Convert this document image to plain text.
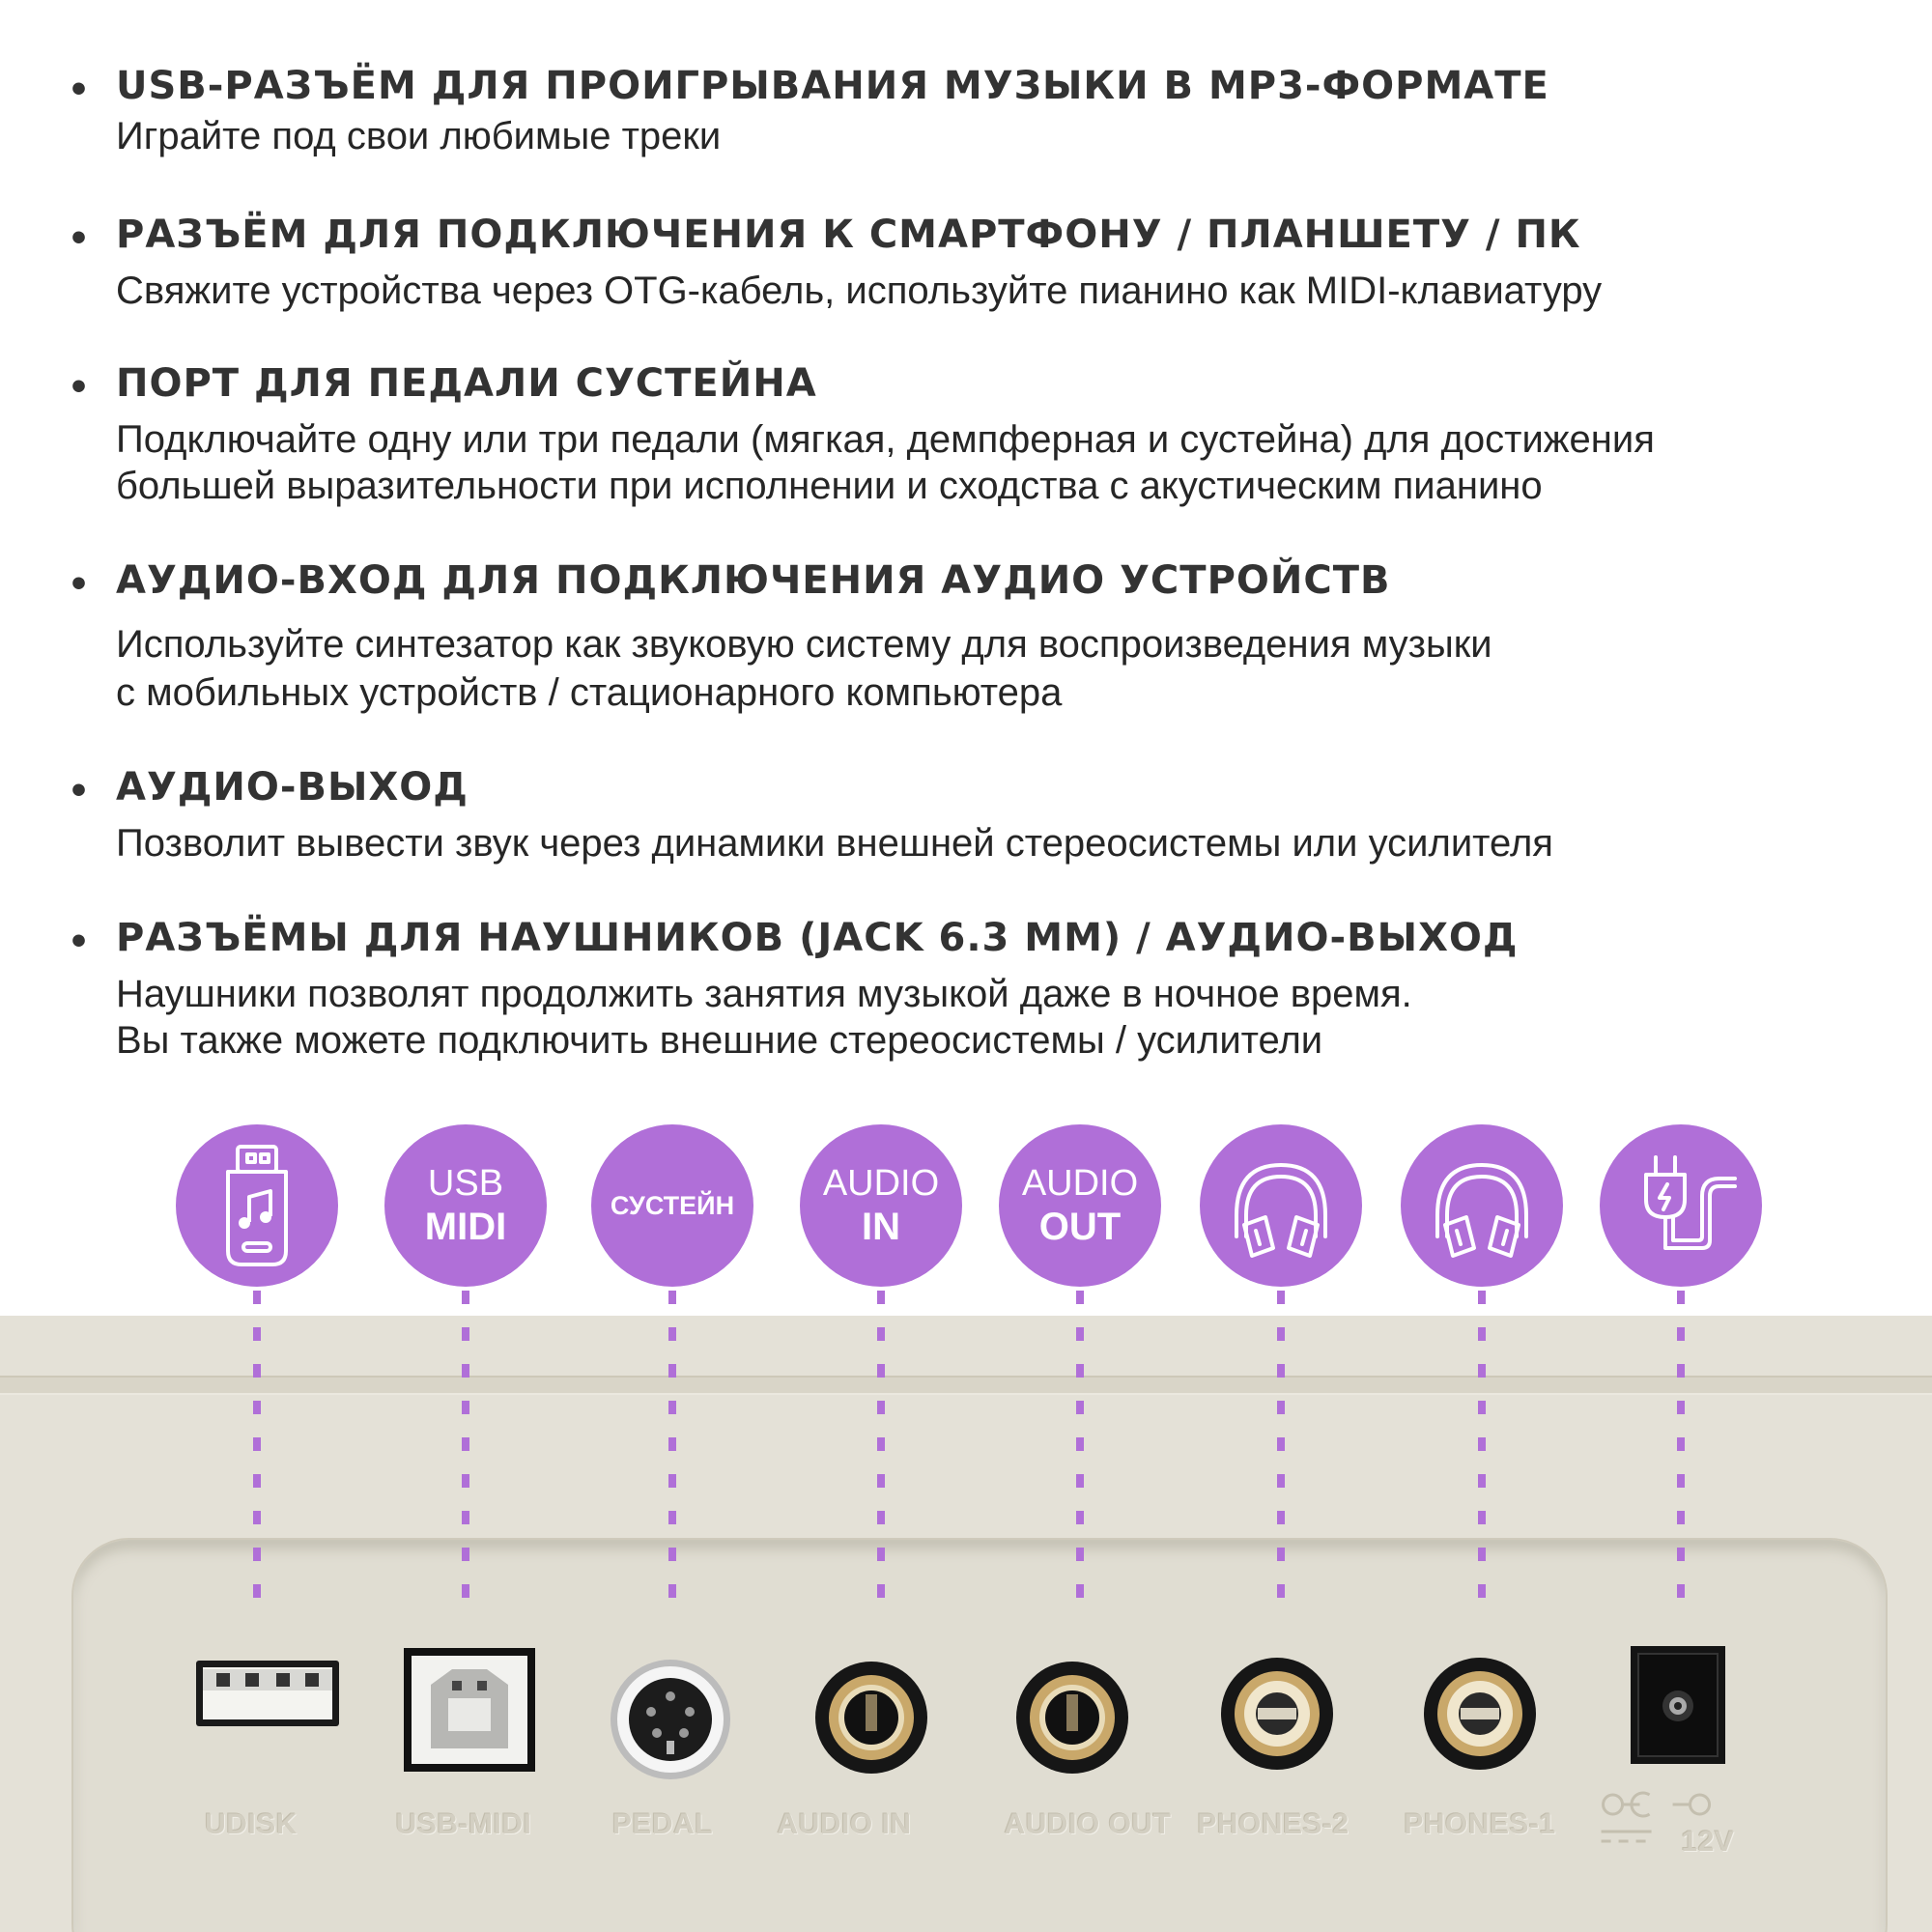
• USB-РАЗЪЁМ ДЛЯ ПРОИГРЫВАНИЯ МУЗЫКИ В MP3-ФОРМАТЕ
Играйте под свои любимые треки
• РАЗЪЁМ ДЛЯ ПОДКЛЮЧЕНИЯ К СМАРТФОНУ / ПЛАНШЕТУ / ПК
Свяжите устройства через OTG-кабель, используйте пианино как MIDI-клавиатуру
• ПОРТ ДЛЯ ПЕДАЛИ СУСТЕЙНА
Подключайте одну или три педали (мягкая, демпферная и сустейна) для достижения
большей выразительности при исполнении и сходства с акустическим пианино
• АУДИО-ВХОД ДЛЯ ПОДКЛЮЧЕНИЯ АУДИО УСТРОЙСТВ
Используйте синтезатор как звуковую систему для воспроизведения музыки
с мобильных устройств / стационарного компьютера
• АУДИО-ВЫХОД
Позволит вывести звук через динамики внешней стереосистемы или усилителя
• РАЗЪЁМЫ ДЛЯ НАУШНИКОВ (JACK 6.3 ММ) / АУДИО-ВЫХОД
Наушники позволят продолжить занятия музыкой даже в ночное время.
Вы также можете подключить внешние стереосистемы / усилители
UDISK	USB-MIDI	PEDAL AUDIO IN	AUDIO OUT PHONES-2 PHONES-1
12V
USB
MIDI
СУСТЕЙН
AUDIO
IN
AUDIO
OUT
